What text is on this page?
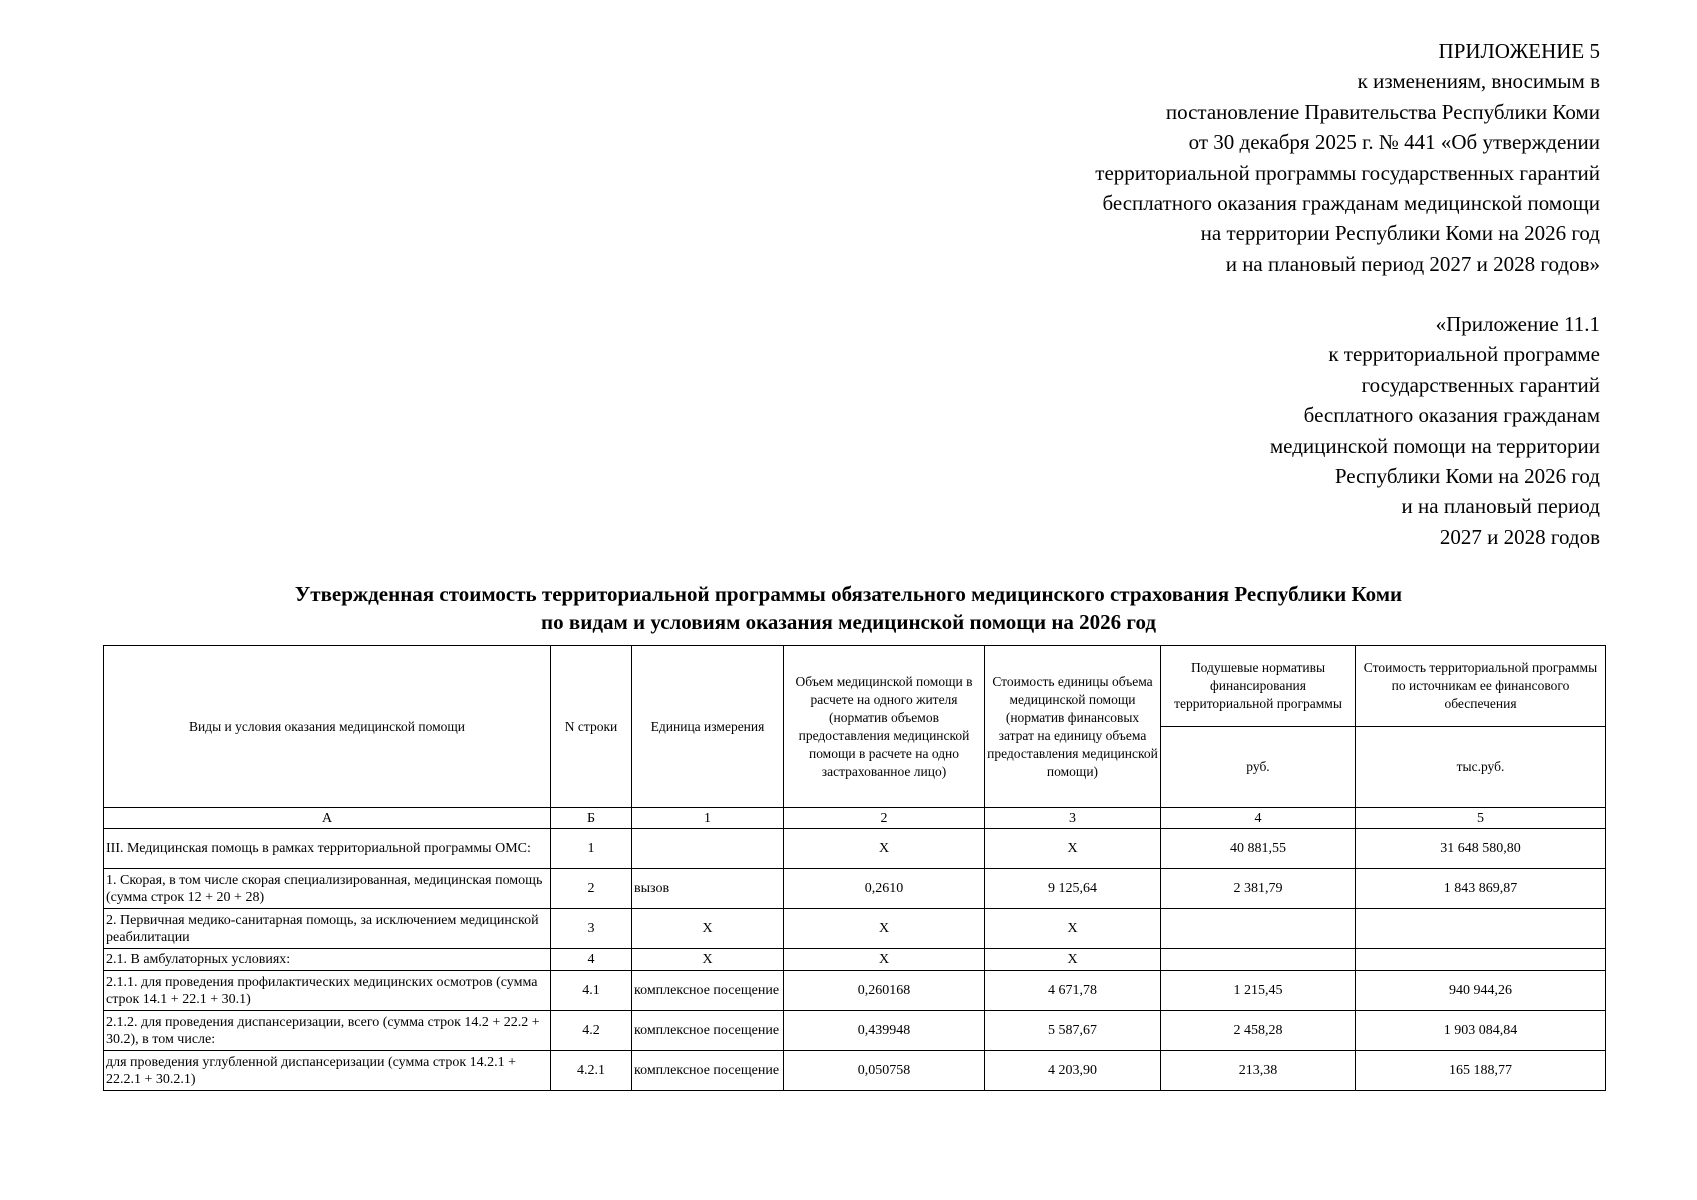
ПРИЛОЖЕНИЕ 5
к изменениям, вносимым в
постановление Правительства Республики Коми
от 30 декабря 2025 г. № 441 «Об утверждении
территориальной программы государственных гарантий
бесплатного оказания гражданам медицинской помощи
на территории Республики Коми на 2026 год
и на плановый период 2027 и 2028 годов»
«Приложение 11.1
к территориальной программе
государственных гарантий
бесплатного оказания гражданам
медицинской помощи на территории
Республики Коми на 2026 год
и на плановый период
2027 и 2028 годов
Утвержденная стоимость территориальной программы обязательного медицинского страхования Республики Коми
по видам и условиям оказания медицинской помощи на 2026 год
Виды и условия оказания медицинской помощи	N строки	Единица измерения	Объем медицинской помощи в расчете на одного жителя (норматив объемов предоставления медицинской помощи в расчете на одно застрахованное лицо)	Стоимость единицы объема медицинской помощи (норматив финансовых затрат на единицу объема предоставления медицинской помощи)	Подушевые нормативы финансирования территориальной программы	Стоимость территориальной программы по источникам ее финансового обеспечения
					руб.	тыс.руб.
А	Б	1	2	3	4	5
III. Медицинская помощь в рамках территориальной программы ОМС:	1		X	X	40 881,55	31 648 580,80
1. Скорая, в том числе скорая специализированная, медицинская помощь (сумма строк 12 + 20 + 28)	2	вызов	0,2610	9 125,64	2 381,79	1 843 869,87
2. Первичная медико-санитарная помощь, за исключением медицинской реабилитации	3	X	X	X		
2.1. В амбулаторных условиях:	4	X	X	X		
2.1.1. для проведения профилактических медицинских осмотров (сумма строк 14.1 + 22.1 + 30.1)	4.1	комплексное посещение	0,260168	4 671,78	1 215,45	940 944,26
2.1.2. для проведения диспансеризации, всего (сумма строк 14.2 + 22.2 + 30.2), в том числе:	4.2	комплексное посещение	0,439948	5 587,67	2 458,28	1 903 084,84
для проведения углубленной диспансеризации (сумма строк 14.2.1 + 22.2.1 + 30.2.1)	4.2.1	комплексное посещение	0,050758	4 203,90	213,38	165 188,77
